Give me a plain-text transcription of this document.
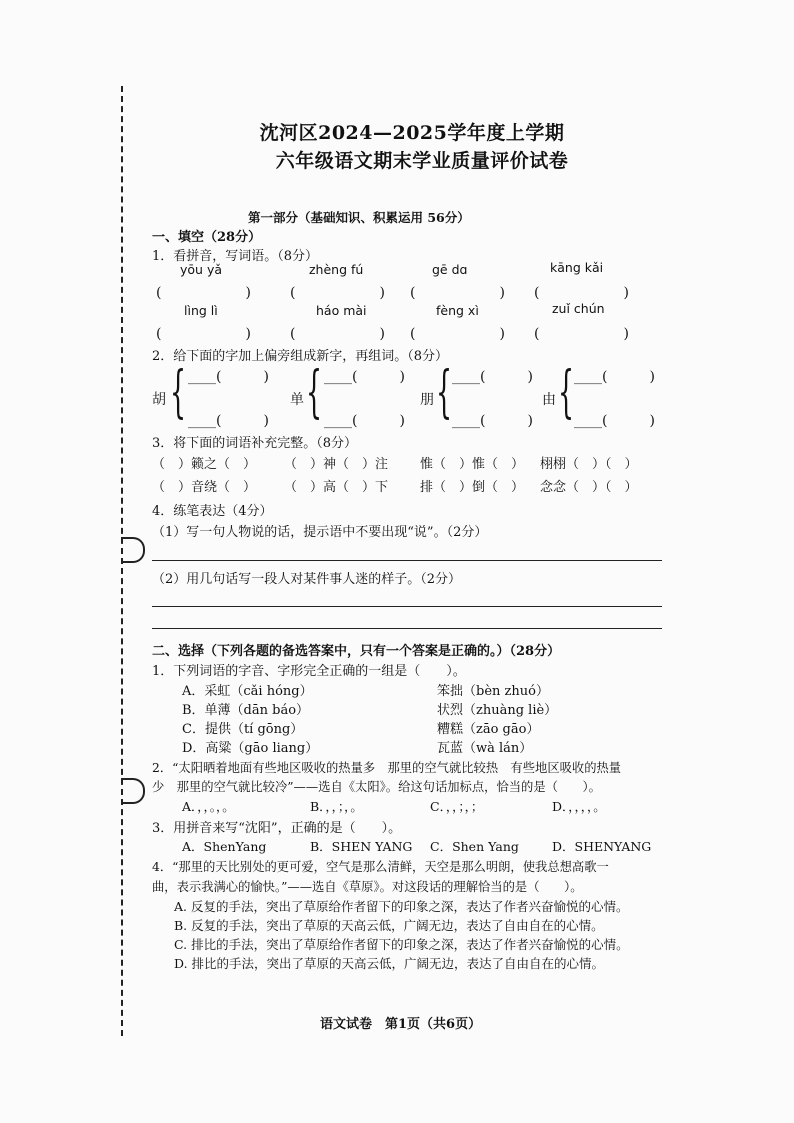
沈河区2024—2025学年度上学期
六年级语文期末学业质量评价试卷
第一部分（基础知识、积累运用 56分）
一、填空（28分）
1．看拼音，写词语。（8分）
yōu yǎ	zhèng fú	gē dɑ	kāng kǎi
(　　　　　　)	(　　　　　　) (　　　　　　) (　　　　　　)
lìng lì	háo mài	fèng xì	zuǐ chún
(　　　　　　)	(　　　　　　) (　　　　　　) (　　　　　　)
2．给下面的字加上偏旁组成新字，再组词。（8分）
胡 { ____(　　　)
____(　　　)
单 { ____(　　　)
____(　　　)
朋 { ____(　　　)
____(　　　)
由 { ____(　　　)
____(　　　)
3．将下面的词语补充完整。（8分）
（　）籁之（　） （　）神（　）注 惟（　）惟（　） 栩栩（　）（　）
（　）音绕（　） （　）高（　）下 排（　）倒（　） 念念（　）（　）
4．练笔表达（4分）
（1）写一句人物说的话，提示语中不要出现“说”。（2分）
（2）用几句话写一段人对某件事人迷的样子。（2分）
二、选择（下列各题的备选答案中，只有一个答案是正确的。）（28分）
1．下列词语的字音、字形完全正确的一组是（　　）。
A．采虹（cǎi hóng）	笨拙（bèn zhuó）
B．单薄（dān báo）	状烈（zhuàng liè）
C．提供（tí gōng）	糟糕（zāo gāo）
D．高粱（gāo liang）	瓦蓝（wà lán）
2．“太阳晒着地面有些地区吸收的热量多　那里的空气就比较热　有些地区吸收的热量
少　那里的空气就比较冷”——选自《太阳》。给这句话加标点，恰当的是（　　）。
A．，，。，。	B．，，；，。	C．，，；，；	D．，，，，。
3．用拼音来写“沈阳”，正确的是（　　）。
A．ShenYang	B．SHEN YANG C．Shen Yang	D．SHENYANG
4．“那里的天比别处的更可爱，空气是那么清鲜，天空是那么明朗，使我总想高歌一
曲，表示我满心的愉快。”——选自《草原》。对这段话的理解恰当的是（　　）。
A. 反复的手法，突出了草原给作者留下的印象之深，表达了作者兴奋愉悦的心情。
B. 反复的手法，突出了草原的天高云低，广阔无边，表达了自由自在的心情。
C. 排比的手法，突出了草原给作者留下的印象之深，表达了作者兴奋愉悦的心情。
D. 排比的手法，突出了草原的天高云低，广阔无边，表达了自由自在的心情。
语文试卷　第1页（共6页）
